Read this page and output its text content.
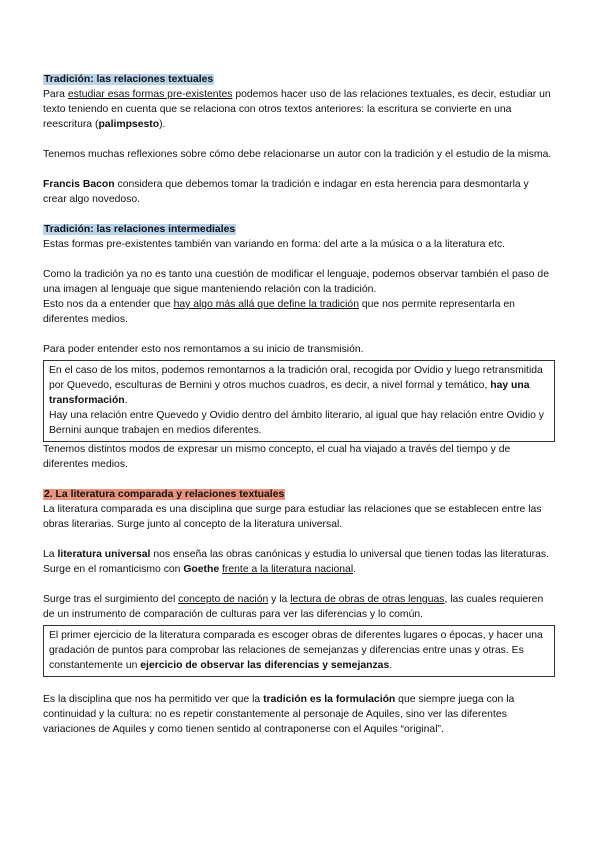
Tradición: las relaciones textuales

Para estudiar esas formas pre-existentes podemos hacer uso de las relaciones textuales, es decir, estudiar un texto teniendo en cuenta que se relaciona con otros textos anteriores: la escritura se convierte en una reescritura (palimpsesto).

Tenemos muchas reflexiones sobre cómo debe relacionarse un autor con la tradición y el estudio de la misma.

Francis Bacon considera que debemos tomar la tradición e indagar en esta herencia para desmontarla y crear algo novedoso.

Tradición: las relaciones intermediales

Estas formas pre-existentes también van variando en forma: del arte a la música o a la literatura etc.

Como la tradición ya no es tanto una cuestión de modificar el lenguaje, podemos observar también el paso de una imagen al lenguaje que sigue manteniendo relación con la tradición.

Esto nos da a entender que hay algo más allá que define la tradición que nos permite representarla en diferentes medios.

Para poder entender esto nos remontamos a su inicio de transmisión.

En el caso de los mitos, podemos remontarnos a la tradición oral, recogida por Ovidio y luego retransmitida por Quevedo, esculturas de Bernini y otros muchos cuadros, es decir, a nivel formal y temático, hay una transformación.

Hay una relación entre Quevedo y Ovidio dentro del ámbito literario, al igual que hay relación entre Ovidio y Bernini aunque trabajen en medios diferentes.

Tenemos distintos modos de expresar un mismo concepto, el cual ha viajado a través del tiempo y de diferentes medios.

2. La literatura comparada y relaciones textuales

La literatura comparada es una disciplina que surge para estudiar las relaciones que se establecen entre las obras literarias. Surge junto al concepto de la literatura universal.

La literatura universal nos enseña las obras canónicas y estudia lo universal que tienen todas las literaturas. Surge en el romanticismo con Goethe frente a la literatura nacional.

Surge tras el surgimiento del concepto de nación y la lectura de obras de otras lenguas, las cuales requieren de un instrumento de comparación de culturas para ver las diferencias y lo común.

El primer ejercicio de la literatura comparada es escoger obras de diferentes lugares o épocas, y hacer una gradación de puntos para comprobar las relaciones de semejanzas y diferencias entre unas y otras. Es constantemente un ejercicio de observar las diferencias y semejanzas.

Es la disciplina que nos ha permitido ver que la tradición es la formulación que siempre juega con la continuidad y la cultura: no es repetir constantemente al personaje de Aquiles, sino ver las diferentes variaciones de Aquiles y como tienen sentido al contraponerse con el Aquiles “original”.
